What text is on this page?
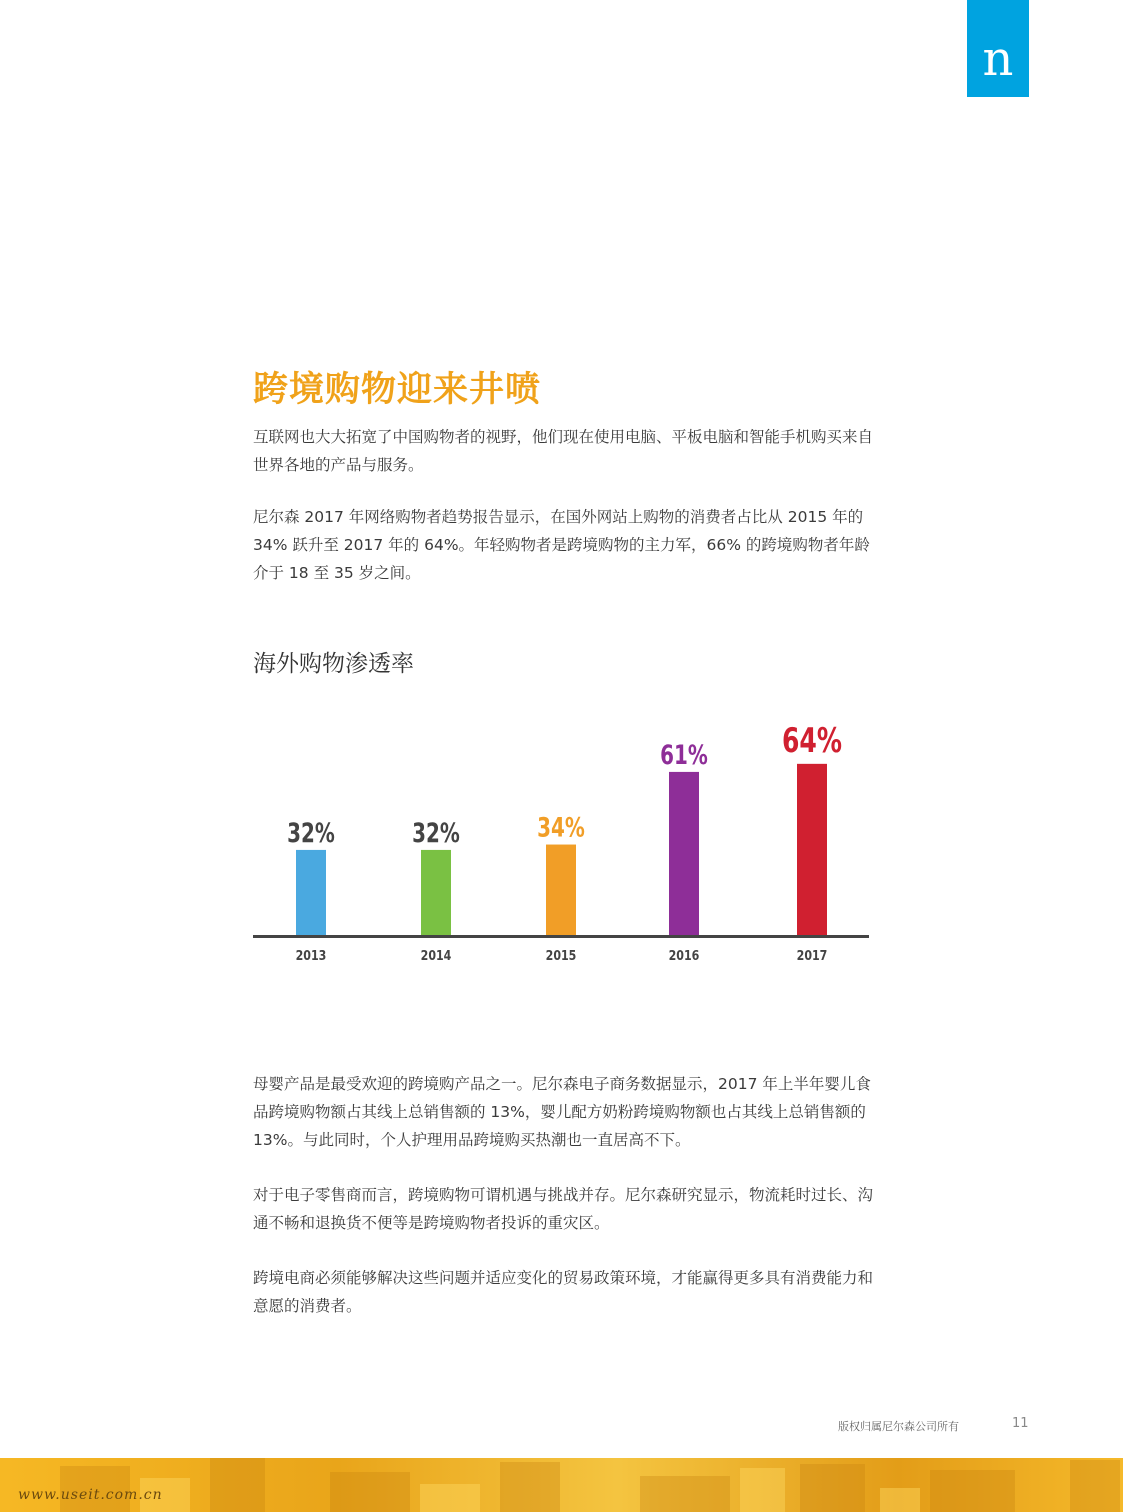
n
跨境购物迎来井喷

互联网也大大拓宽了中国购物者的视野，他们现在使用电脑、平板电脑和智能手机购买来自世界各地的产品与服务。

尼尔森 2017 年网络购物者趋势报告显示，在国外网站上购物的消费者占比从 2015 年的 34% 跃升至 2017 年的 64%。年轻购物者是跨境购物的主力军，66% 的跨境购物者年龄介于 18 至 35 岁之间。

海外购物渗透率
32%
2013
32%
2014
34%
2015
61%
2016
64%
2017

母婴产品是最受欢迎的跨境购产品之一。尼尔森电子商务数据显示，2017 年上半年婴儿食品跨境购物额占其线上总销售额的 13%，婴儿配方奶粉跨境购物额也占其线上总销售额的 13%。与此同时，个人护理用品跨境购买热潮也一直居高不下。

对于电子零售商而言，跨境购物可谓机遇与挑战并存。尼尔森研究显示，物流耗时过长、沟通不畅和退换货不便等是跨境购物者投诉的重灾区。

跨境电商必须能够解决这些问题并适应变化的贸易政策环境，才能赢得更多具有消费能力和意愿的消费者。

版权归属尼尔森公司所有	11
www.useit.com.cn
